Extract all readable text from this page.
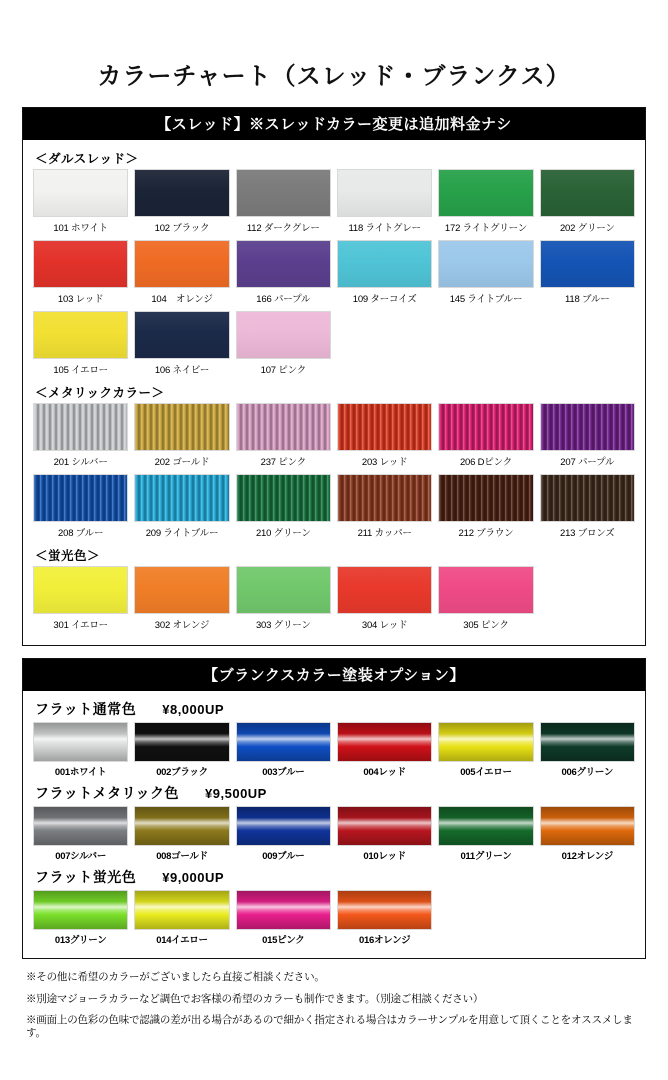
カラーチャート（スレッド・ブランクス）
【スレッド】※スレッドカラー変更は追加料金ナシ
＜ダルスレッド＞
101 ホワイト	102 ブラック	112 ダークグレー	118 ライトグレー	172 ライトグリーン	202 グリーン
103 レッド	104　オレンジ	166 パープル	109 ターコイズ	145 ライトブルー	118 ブルー
105 イエロー	106 ネイビー	107 ピンク
＜メタリックカラー＞
201 シルバー	202 ゴールド	237 ピンク	203 レッド	206 Dピンク	207 パープル
208 ブルー	209 ライトブルー	210 グリーン	211 カッパー	212 ブラウン	213 ブロンズ
＜蛍光色＞
301 イエロー	302 オレンジ	303 グリーン	304 レッド	305 ピンク
【ブランクスカラー塗装オプション】
フラット通常色 ¥8,000UP
001ホワイト	002ブラック	003ブルー	004レッド	005イエロー	006グリーン
フラットメタリック色 ¥9,500UP
007シルバー	008ゴールド	009ブルー	010レッド	011グリーン	012オレンジ
フラット蛍光色 ¥9,000UP
013グリーン	014イエロー	015ピンク	016オレンジ
※その他に希望のカラーがございましたら直接ご相談ください。
※別途マジョーラカラーなど調色でお客様の希望のカラーも制作できます。（別途ご相談ください）
※画面上の色彩の色味で認識の差が出る場合があるので細かく指定される場合はカラーサンプルを用意して頂くことをオススメします。
